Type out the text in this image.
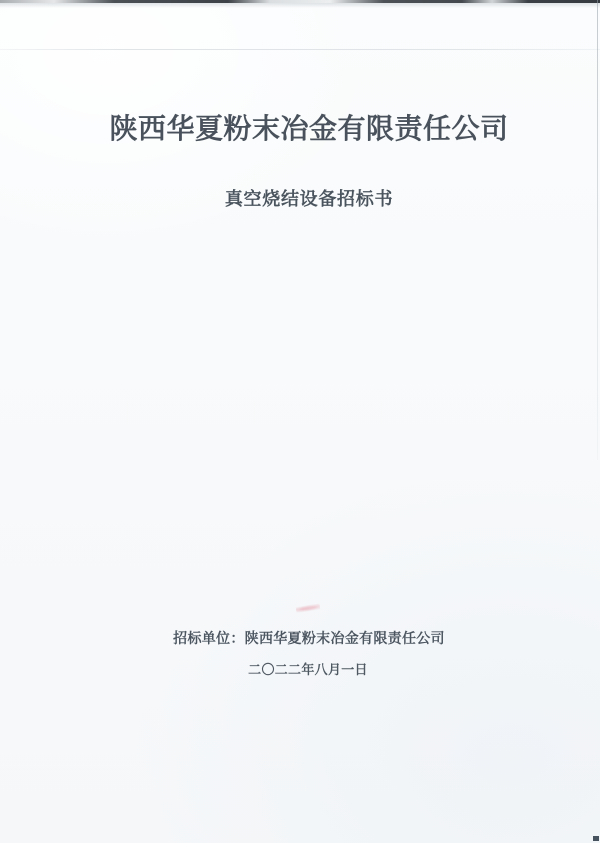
陕西华夏粉末冶金有限责任公司
真空烧结设备招标书
招标单位：陕西华夏粉末冶金有限责任公司
二〇二二年八月一日
